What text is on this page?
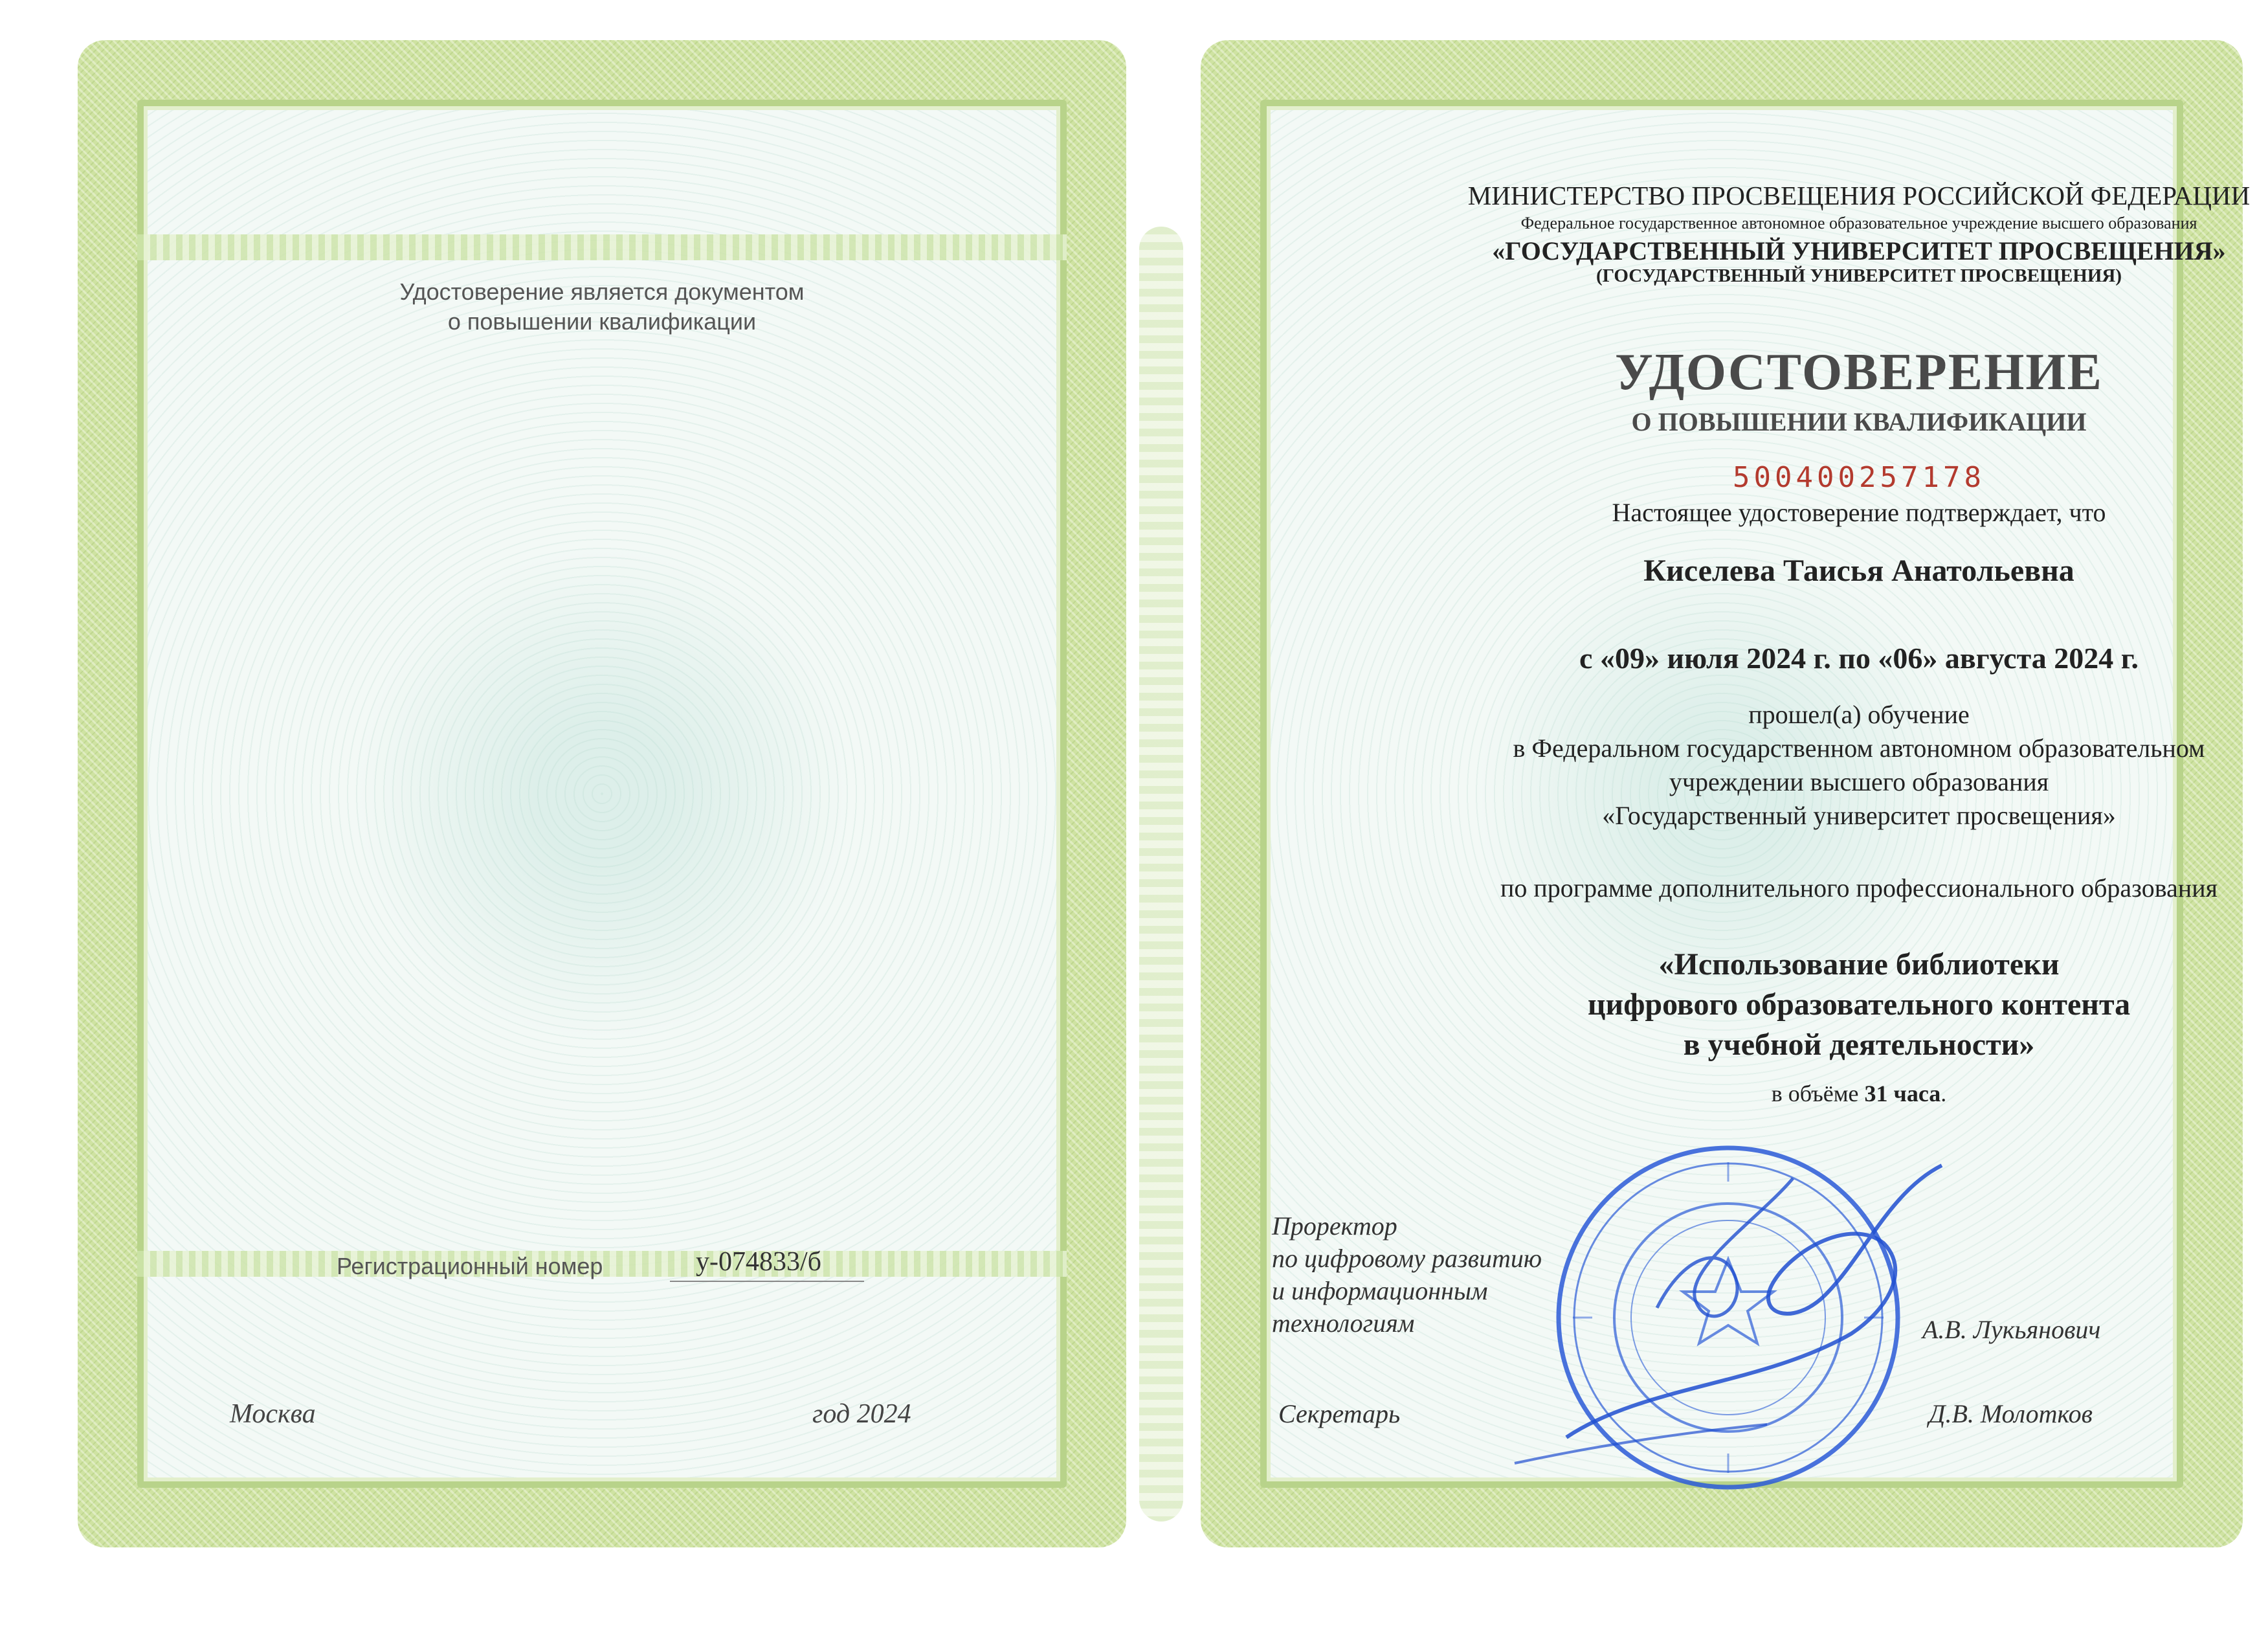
Удостоверение является документом
о повышении квалификации
Регистрационный номер	у-074833/б
Москва	год 2024
МИНИСТЕРСТВО ПРОСВЕЩЕНИЯ РОССИЙСКОЙ ФЕДЕРАЦИИ
Федеральное государственное автономное образовательное учреждение высшего образования
«ГОСУДАРСТВЕННЫЙ УНИВЕРСИТЕТ ПРОСВЕЩЕНИЯ»
(ГОСУДАРСТВЕННЫЙ УНИВЕРСИТЕТ ПРОСВЕЩЕНИЯ)
УДОСТОВЕРЕНИЕ
О ПОВЫШЕНИИ КВАЛИФИКАЦИИ
500400257178
Настоящее удостоверение подтверждает, что
Киселева Таисья Анатольевна
с «09» июля 2024 г. по «06» августа 2024 г.
прошел(а) обучение
в Федеральном государственном автономном образовательном
учреждении высшего образования
«Государственный университет просвещения»
по программе дополнительного профессионального образования
«Использование библиотеки
цифрового образовательного контента
в учебной деятельности»
в объёме 31 часа.
Проректор
по цифровому развитию
и информационным
технологиям	А.В. Лукьянович
Секретарь	Д.В. Молотков
